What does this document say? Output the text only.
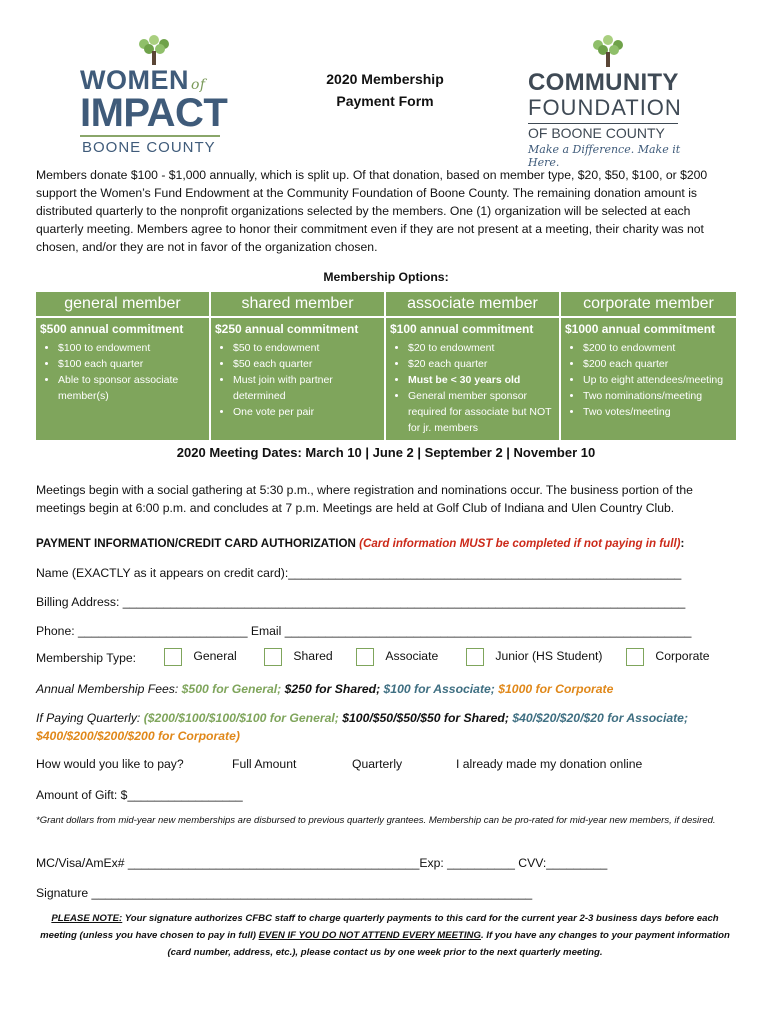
WOMEN of
IMPACT
BOONE COUNTY
2020 Membership
Payment Form
COMMUNITY
FOUNDATION
OF BOONE COUNTY
Make a Difference. Make it Here.
Members donate $100 - $1,000 annually, which is split up. Of that donation, based on member type, $20, $50, $100, or $200 support the Women’s Fund Endowment at the Community Foundation of Boone County. The remaining donation amount is distributed quarterly to the nonprofit organizations selected by the members. One (1) organization will be selected at each quarterly meeting. Members agree to honor their commitment even if they are not present at a meeting, their charity was not chosen, and/or they are not in favor of the organization chosen.
Membership Options:
general member
$500 annual commitment
• $100 to endowment
• $100 each quarter
• Able to sponsor associate member(s)
shared member
$250 annual commitment
• $50 to endowment
• $50 each quarter
• Must join with partner determined
• One vote per pair
associate member
$100 annual commitment
• $20 to endowment
• $20 each quarter
• Must be < 30 years old
• General member sponsor required for associate but NOT for jr. members
corporate member
$1000 annual commitment
• $200 to endowment
• $200 each quarter
• Up to eight attendees/meeting
• Two nominations/meeting
• Two votes/meeting
2020 Meeting Dates: March 10 | June 2 | September 2 | November 10
Meetings begin with a social gathering at 5:30 p.m., where registration and nominations occur. The business portion of the meetings begin at 6:00 p.m. and concludes at 7 p.m. Meetings are held at Golf Club of Indiana and Ulen Country Club.
PAYMENT INFORMATION/CREDIT CARD AUTHORIZATION (Card information MUST be completed if not paying in full):
Name (EXACTLY as it appears on credit card):__________________________________________________________
Billing Address: ___________________________________________________________________________________
Phone: _________________________ Email ____________________________________________________________
Membership Type:	General	Shared	Associate	Junior (HS Student)	Corporate
Annual Membership Fees: $500 for General; $250 for Shared; $100 for Associate; $1000 for Corporate
If Paying Quarterly: ($200/$100/$100/$100 for General; $100/$50/$50/$50 for Shared; $40/$20/$20/$20 for Associate; $400/$200/$200/$200 for Corporate)
How would you like to pay?	Full Amount	Quarterly	I already made my donation online
Amount of Gift: $_________________
*Grant dollars from mid-year new memberships are disbursed to previous quarterly grantees. Membership can be pro-rated for mid-year new members, if desired.
MC/Visa/AmEx# ___________________________________________Exp: __________ CVV:_________
Signature _________________________________________________________________
PLEASE NOTE: Your signature authorizes CFBC staff to charge quarterly payments to this card for the current year 2-3 business days before each meeting (unless you have chosen to pay in full) EVEN IF YOU DO NOT ATTEND EVERY MEETING. If you have any changes to your payment information (card number, address, etc.), please contact us by one week prior to the next quarterly meeting.
